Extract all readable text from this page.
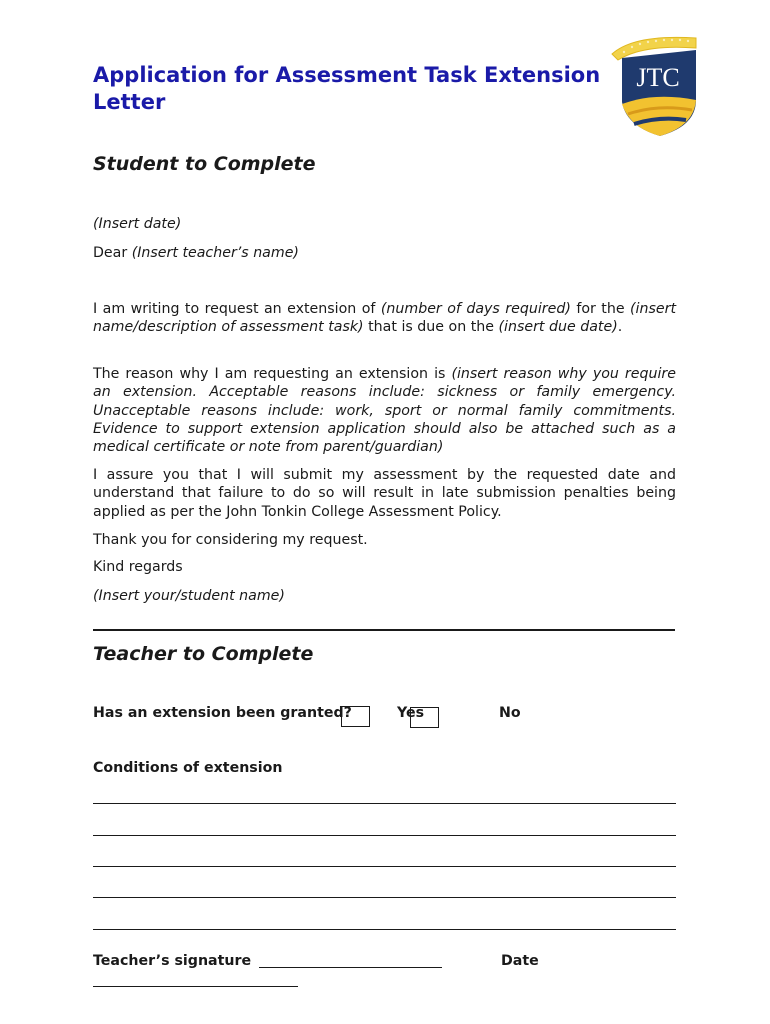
Application for Assessment Task Extension
Letter
JTC
Student to Complete
(Insert date)
Dear (Insert teacher’s name)
I am writing to request an extension of (number of days required) for the (insert name/description of assessment task) that is due on the (insert due date).
The reason why I am requesting an extension is (insert reason why you require an extension. Acceptable reasons include: sickness or family emergency. Unacceptable reasons include: work, sport or normal family commitments. Evidence to support extension application should also be attached such as a medical certificate or note from parent/guardian)
I assure you that I will submit my assessment by the requested date and understand that failure to do so will result in late submission penalties being applied as per the John Tonkin College Assessment Policy.
Thank you for considering my request.
Kind regards
(Insert your/student name)
Teacher to Complete
Has an extension been granted?	Yes	No
Conditions of extension
Teacher’s signature	Date
